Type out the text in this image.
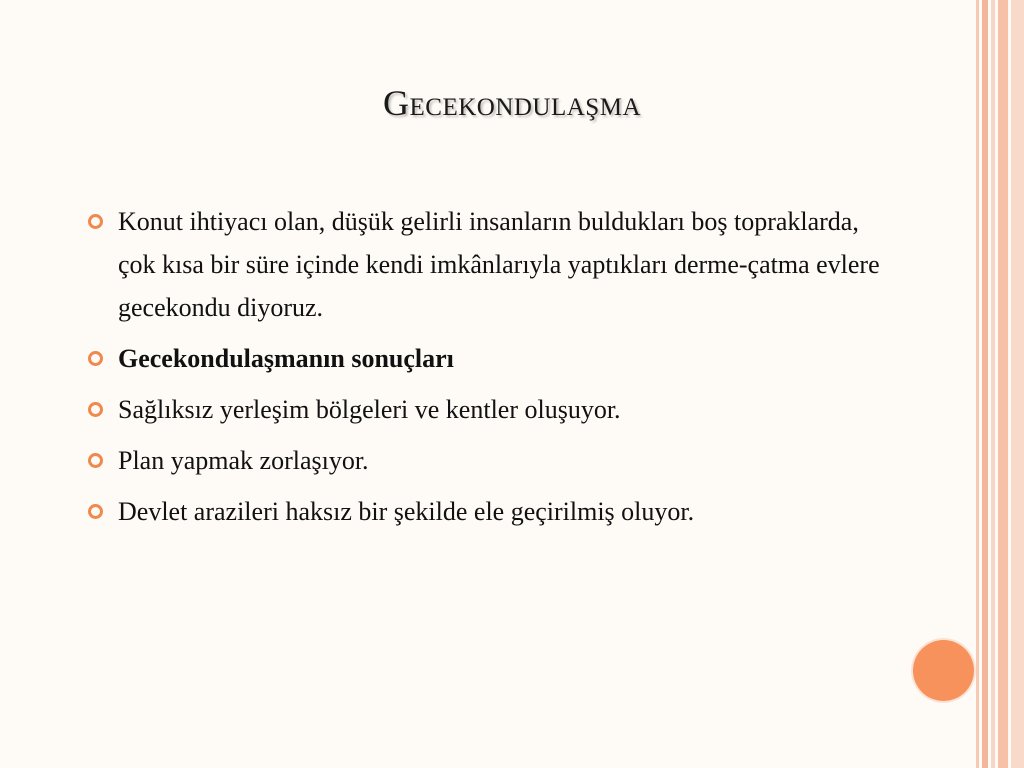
Gecekondulaşma
Konut ihtiyacı olan, düşük gelirli insanların buldukları boş topraklarda, çok kısa bir süre içinde kendi imkânlarıyla yaptıkları derme-çatma evlere gecekondu diyoruz.
Gecekondulaşmanın sonuçları
Sağlıksız yerleşim bölgeleri ve kentler oluşuyor.
Plan yapmak zorlaşıyor.
Devlet arazileri haksız bir şekilde ele geçirilmiş oluyor.
